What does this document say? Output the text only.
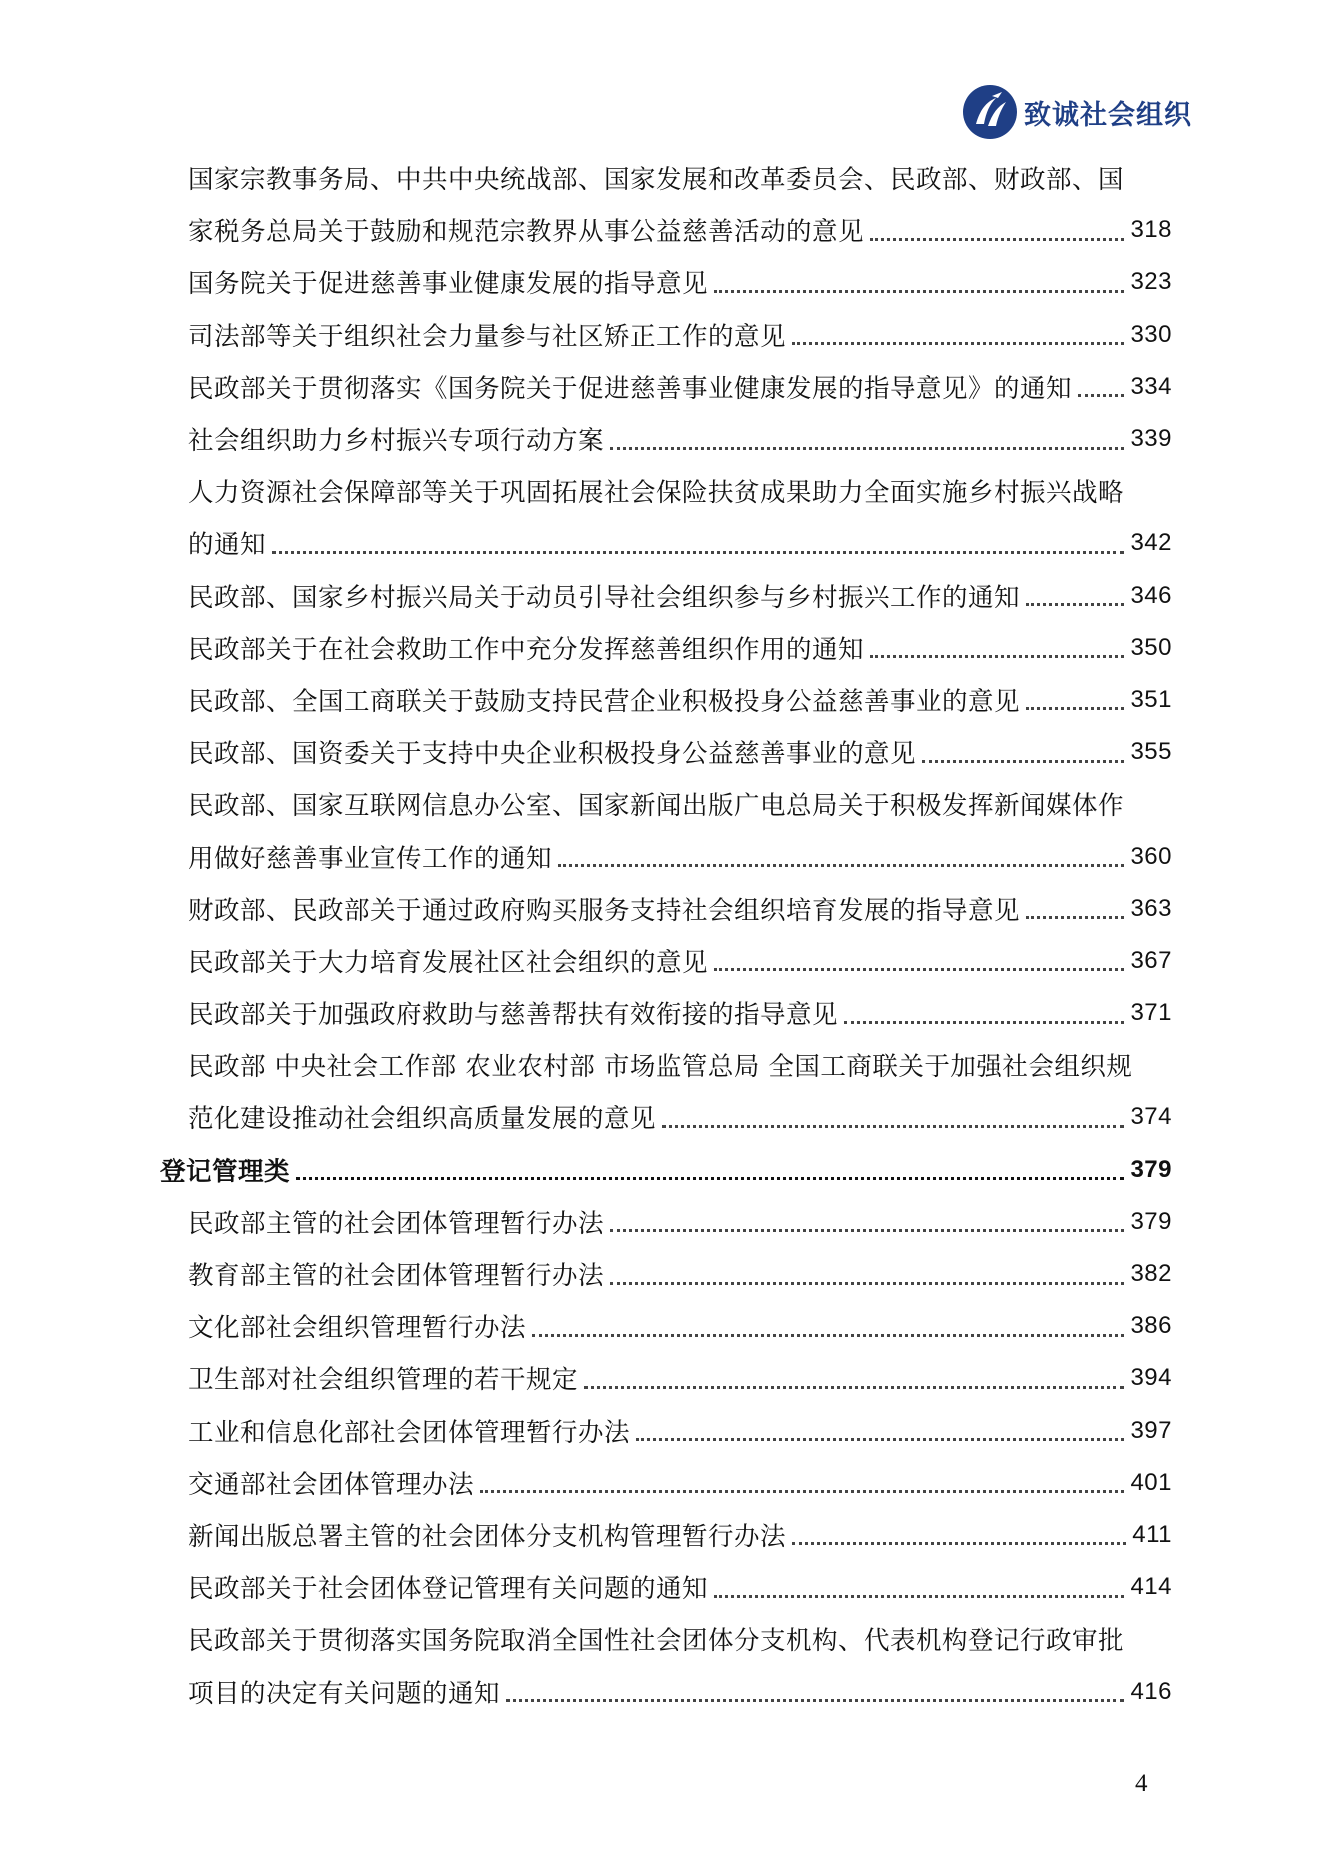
致诚社会组织
国家宗教事务局、中共中央统战部、国家发展和改革委员会、民政部、财政部、国
家税务总局关于鼓励和规范宗教界从事公益慈善活动的意见	318
国务院关于促进慈善事业健康发展的指导意见	323
司法部等关于组织社会力量参与社区矫正工作的意见	330
民政部关于贯彻落实《国务院关于促进慈善事业健康发展的指导意见》的通知 334
社会组织助力乡村振兴专项行动方案	339
人力资源社会保障部等关于巩固拓展社会保险扶贫成果助力全面实施乡村振兴战略
的通知	342
民政部、国家乡村振兴局关于动员引导社会组织参与乡村振兴工作的通知	346
民政部关于在社会救助工作中充分发挥慈善组织作用的通知	350
民政部、全国工商联关于鼓励支持民营企业积极投身公益慈善事业的意见	351
民政部、国资委关于支持中央企业积极投身公益慈善事业的意见	355
民政部、国家互联网信息办公室、国家新闻出版广电总局关于积极发挥新闻媒体作
用做好慈善事业宣传工作的通知	360
财政部、民政部关于通过政府购买服务支持社会组织培育发展的指导意见	363
民政部关于大力培育发展社区社会组织的意见	367
民政部关于加强政府救助与慈善帮扶有效衔接的指导意见	371
民政部 中央社会工作部 农业农村部 市场监管总局 全国工商联关于加强社会组织规
范化建设推动社会组织高质量发展的意见	374
登记管理类	379
民政部主管的社会团体管理暂行办法	379
教育部主管的社会团体管理暂行办法	382
文化部社会组织管理暂行办法	386
卫生部对社会组织管理的若干规定	394
工业和信息化部社会团体管理暂行办法	397
交通部社会团体管理办法	401
新闻出版总署主管的社会团体分支机构管理暂行办法	411
民政部关于社会团体登记管理有关问题的通知	414
民政部关于贯彻落实国务院取消全国性社会团体分支机构、代表机构登记行政审批
项目的决定有关问题的通知	416
4
